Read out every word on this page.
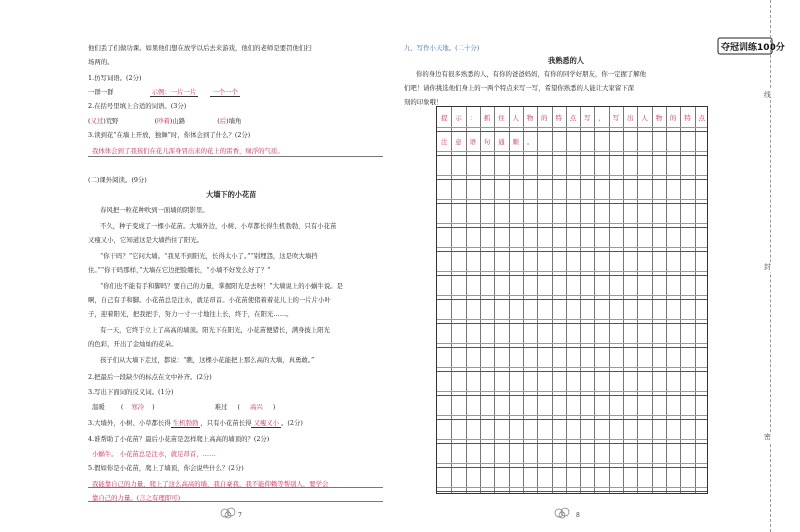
他们丢了们做功课。如果他们想在放学以后去来游戏，他们的老师是要罚他们扫
场两的。
1.仿写词语。(2分)
一群一群	示例：一片一片	一个一个
2.在括号里填上合适的词语。(3分)
(又过)荒野	(吵着)山路	(后)墙角
3.读到花“在墙上开放，独舞”时，你体会到了什么？(2分)
我体体会到了我孩们在花儿浑身冒出来的花上的雷香，绿浮的气质。
(二)课外阅读。(9分)
大墙下的小花苗
春风把一粒花种吹到一面墙的阴影里。
不久，种子变成了一棵小花苗。大墙外边，小树、小草都长得生机勃勃，只有小花苗
又瘦又小，它知道这是大墙挡住了阳光。
“你干吗？”它问大墙。“我见不到阳光，长得太小了。”“别埋怨，这是吹大墙挡
住。”“你干吗那样，”大墙在它边把脸绷长，“小墙不好发么好了？”
“你们也不能有手和脚吗？要自己的力量，掌握阳光是去呀！”大墙说上的小蜗牛说。是
啊，自己有手和脚。小花苗总是注水，就足昂首。小花苗使猪着着花儿上的一片片小叶
子，迎着阳光，把我把手，努力一寸一寸地往上长，终于，在阳光……。
有一天，它终于立上了高高的墙顶。阳光下在阳光，小花苗便猪长，满身披上阳光
的色彩，开出了金灿灿的花朵。
孩子们从大墙下走过，都说：“瞧，这棵小花能把上那么高的大墙，真勇敢。”
2.把最后一段缺少的标点在文中补齐。(2分)
3.写出下面词的反义词。(1分)
温暖	( 寒冷 )	难过 ( 高兴 )
3.大墙外，小树、小草都长得 生机勃勃 ，只有小花苗长得 又瘦又小 。(2分)
4.谁帮助了小花苗？最后小花苗是怎样爬上高高的墙顶的？(2分)
小蜗牛。 小花苗总是注水，就足昂首，……
5.假如你是小花苗，爬上了墙顶，你会说些什么？(2分)
我能靠自己的力量，爬上了这么高高的墙，我自豪我，我不能仰赖等帮别人，要学会
靠自己的力量。(言之有理即可)
7
九、写作小天地。(二十分)
我熟悉的人
你的身边有很多熟悉的人，有你的爸爸妈妈，有你的同学好朋友，你一定握了解他
们吧！请你挑选他们身上的一两个特点来写一写，希望你熟悉的人能让大家留下深
刻的印象哦！
提	示	：	抓	住	人	物	的	特	点	写	，	写	出	人	物	的	特	点
注	意	语	句	通	顺	。
8
夺冠训练100分
线
封
密
